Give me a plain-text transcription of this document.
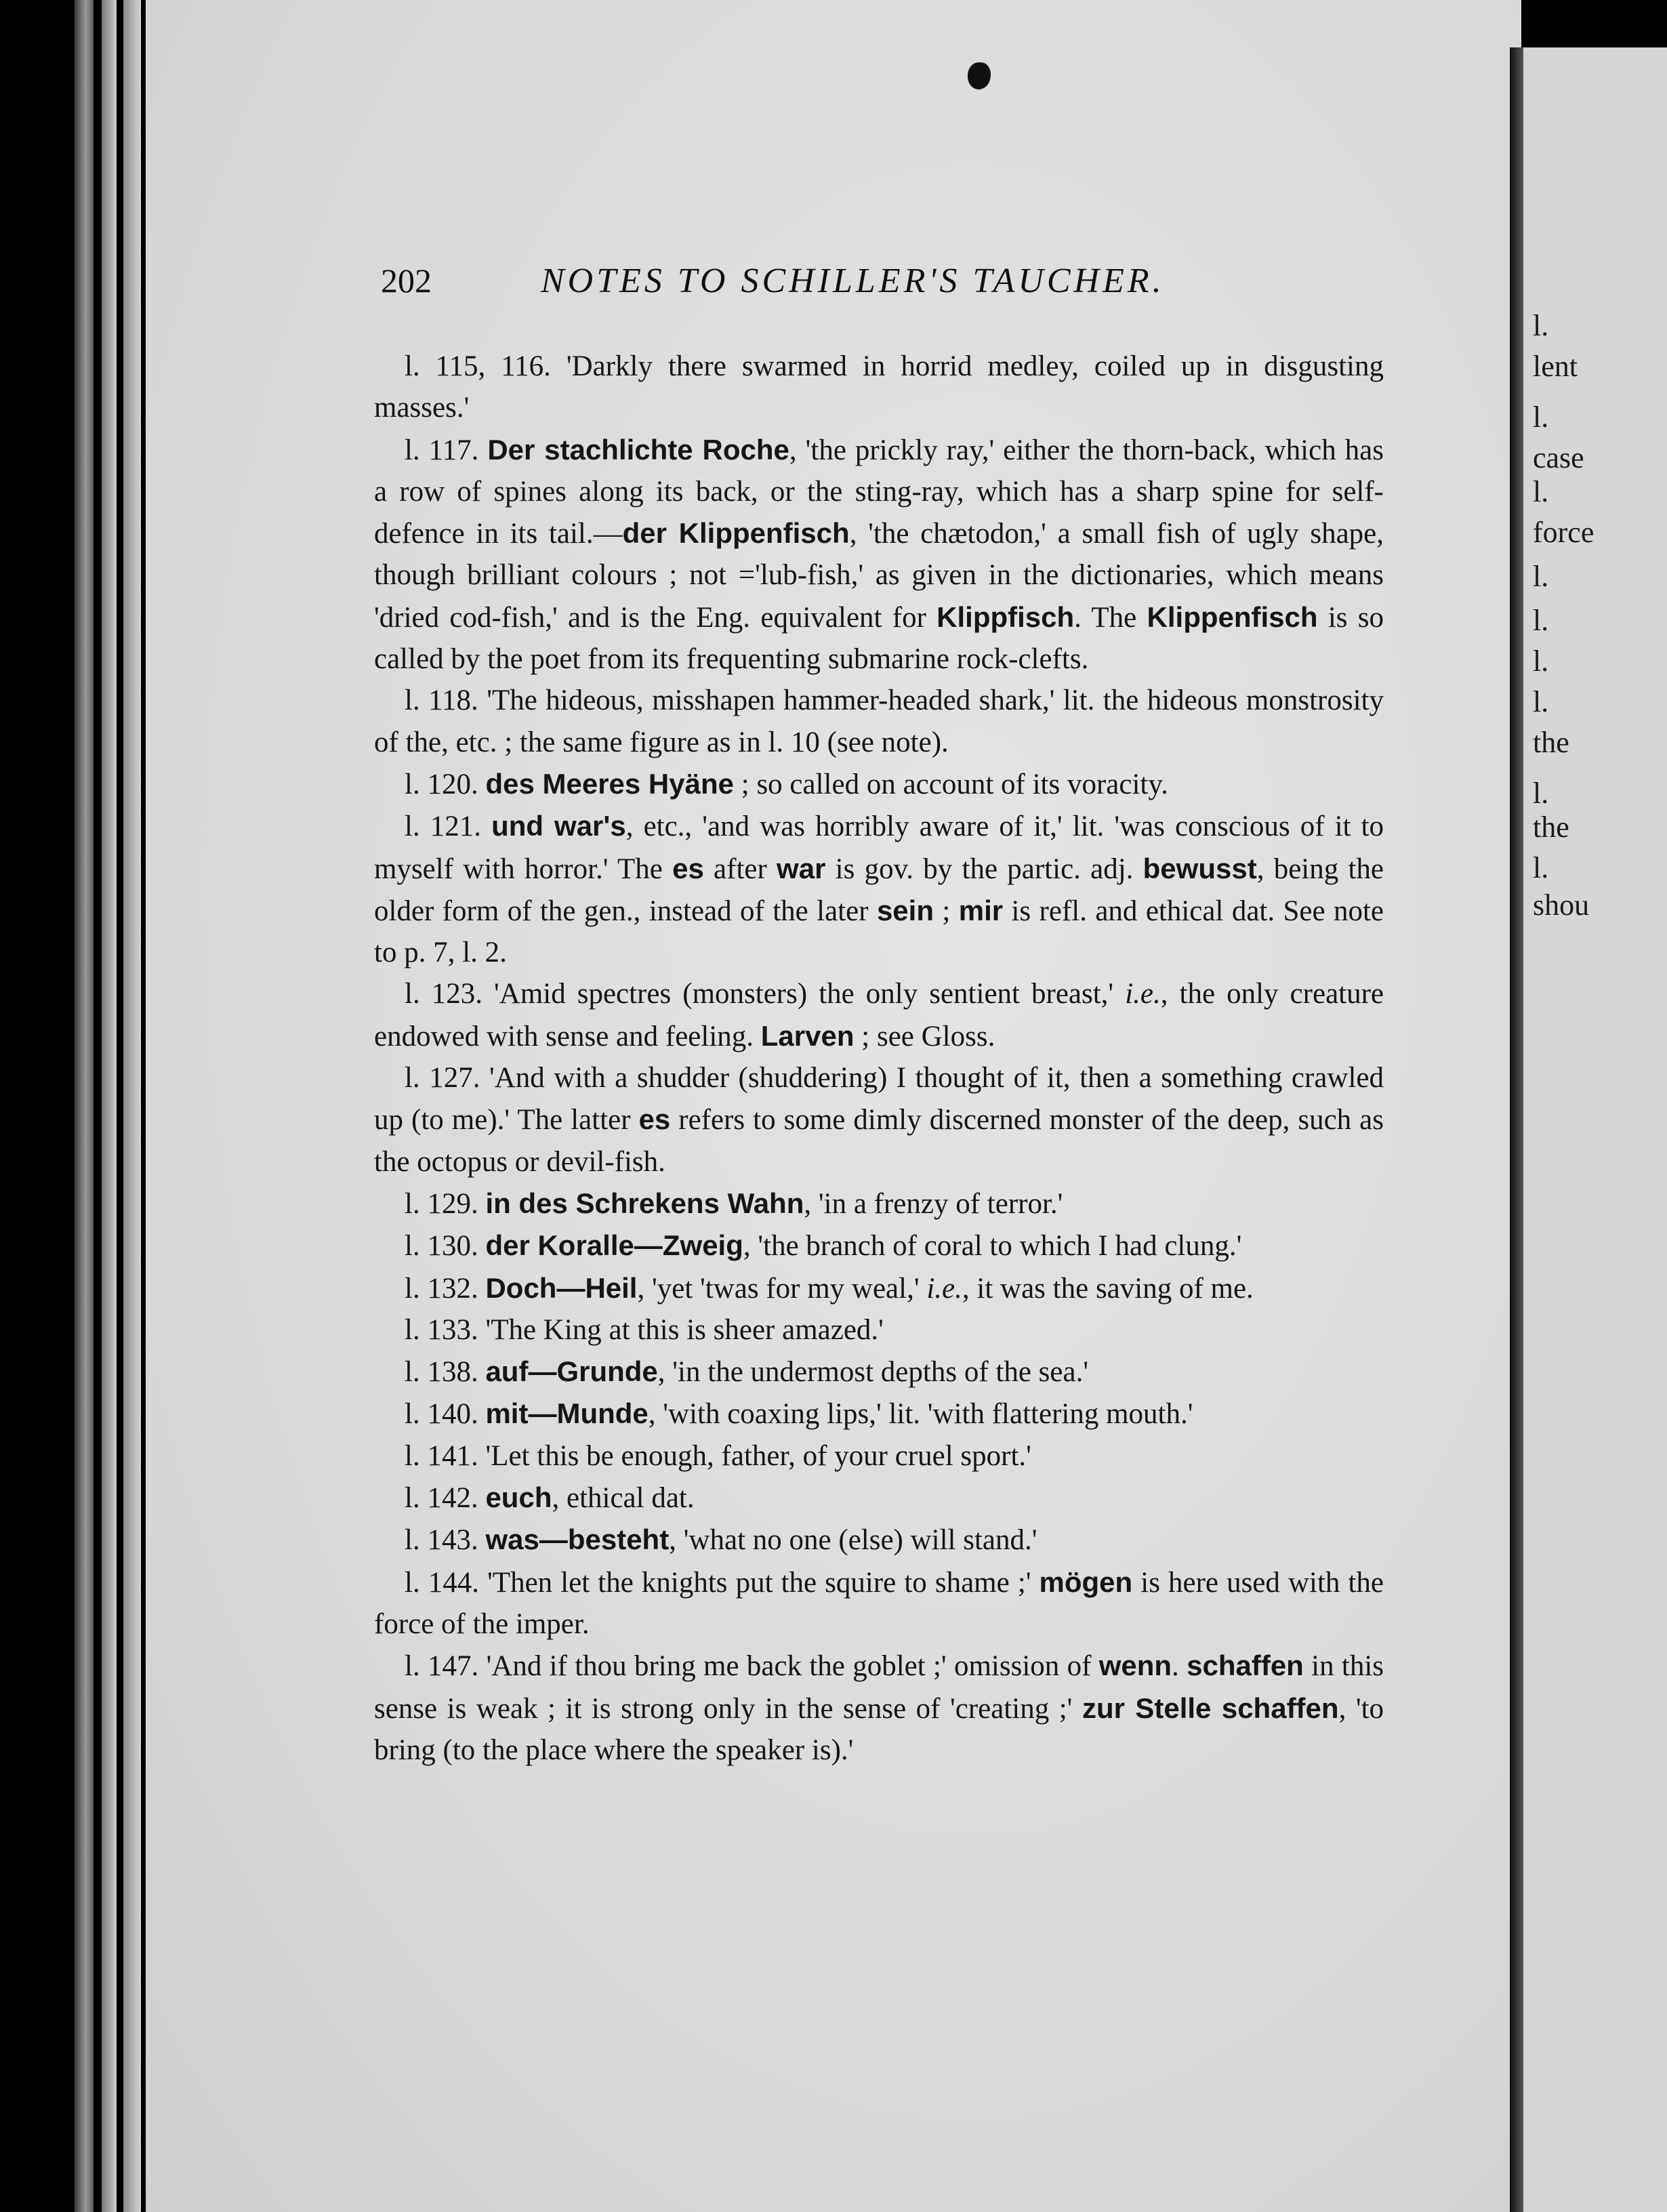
202	NOTES TO SCHILLER'S TAUCHER.

l. 115, 116. 'Darkly there swarmed in horrid medley, coiled up in disgusting masses.'

l. 117. Der stachlichte Roche, 'the prickly ray,' either the thorn-back, which has a row of spines along its back, or the sting-ray, which has a sharp spine for self-defence in its tail.—der Klippenfisch, 'the chætodon,' a small fish of ugly shape, though brilliant colours ; not ='lub-fish,' as given in the dictionaries, which means 'dried cod-fish,' and is the Eng. equivalent for Klippfisch. The Klippenfisch is so called by the poet from its frequenting submarine rock-clefts.

l. 118. 'The hideous, misshapen hammer-headed shark,' lit. the hideous monstrosity of the, etc. ; the same figure as in l. 10 (see note).

l. 120. des Meeres Hyäne ; so called on account of its voracity.

l. 121. und war's, etc., 'and was horribly aware of it,' lit. 'was conscious of it to myself with horror.' The es after war is gov. by the partic. adj. bewusst, being the older form of the gen., instead of the later sein ; mir is refl. and ethical dat. See note to p. 7, l. 2.

l. 123. 'Amid spectres (monsters) the only sentient breast,' i.e., the only creature endowed with sense and feeling. Larven ; see Gloss.

l. 127. 'And with a shudder (shuddering) I thought of it, then a something crawled up (to me).' The latter es refers to some dimly discerned monster of the deep, such as the octopus or devil-fish.

l. 129. in des Schrekens Wahn, 'in a frenzy of terror.'

l. 130. der Koralle—Zweig, 'the branch of coral to which I had clung.'

l. 132. Doch—Heil, 'yet 'twas for my weal,' i.e., it was the saving of me.

l. 133. 'The King at this is sheer amazed.'

l. 138. auf—Grunde, 'in the undermost depths of the sea.'

l. 140. mit—Munde, 'with coaxing lips,' lit. 'with flattering mouth.'

l. 141. 'Let this be enough, father, of your cruel sport.'

l. 142. euch, ethical dat.

l. 143. was—besteht, 'what no one (else) will stand.'

l. 144. 'Then let the knights put the squire to shame ;' mögen is here used with the force of the imper.

l. 147. 'And if thou bring me back the goblet ;' omission of wenn. schaffen in this sense is weak ; it is strong only in the sense of 'creating ;' zur Stelle schaffen, 'to bring (to the place where the speaker is).'

l.
lent
l.
case
l.
force
l.
l.
l.
l.
the
l.
the
l.
shou
